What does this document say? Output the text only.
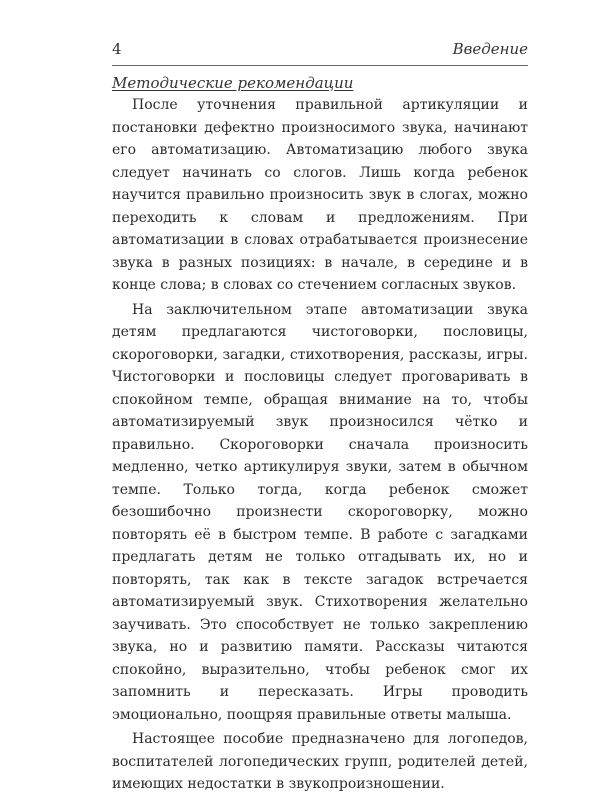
4	Введение

Методические рекомендации

После уточнения правильной артикуляции и постановки дефектно произносимого звука, начинают его автоматизацию. Автоматизацию любого звука следует начинать со слогов. Лишь когда ребенок научится правильно произносить звук в слогах, можно переходить к словам и предложениям. При автоматизации в словах отрабатывается произнесение звука в разных позициях: в начале, в середине и в конце слова; в словах со стечением согласных звуков.

На заключительном этапе автоматизации звука детям предлагаются чистоговорки, пословицы, скороговорки, загадки, стихотворения, рассказы, игры. Чистоговорки и пословицы следует проговаривать в спокойном темпе, обращая внимание на то, чтобы автоматизируемый звук произносился чётко и правильно. Скороговорки сначала произносить медленно, четко артикулируя звуки, затем в обычном темпе. Только тогда, когда ребенок сможет безошибочно произнести скороговорку, можно повторять её в быстром темпе. В работе с загадками предлагать детям не только отгадывать их, но и повторять, так как в тексте загадок встречается автоматизируемый звук. Стихотворения желательно заучивать. Это способствует не только закреплению звука, но и развитию памяти. Рассказы читаются спокойно, выразительно, чтобы ребенок смог их запомнить и пересказать. Игры проводить эмоционально, поощряя правильные ответы малыша.

Настоящее пособие предназначено для логопедов, воспитателей логопедических групп, родителей детей, имеющих недостатки в звукопроизношении.
